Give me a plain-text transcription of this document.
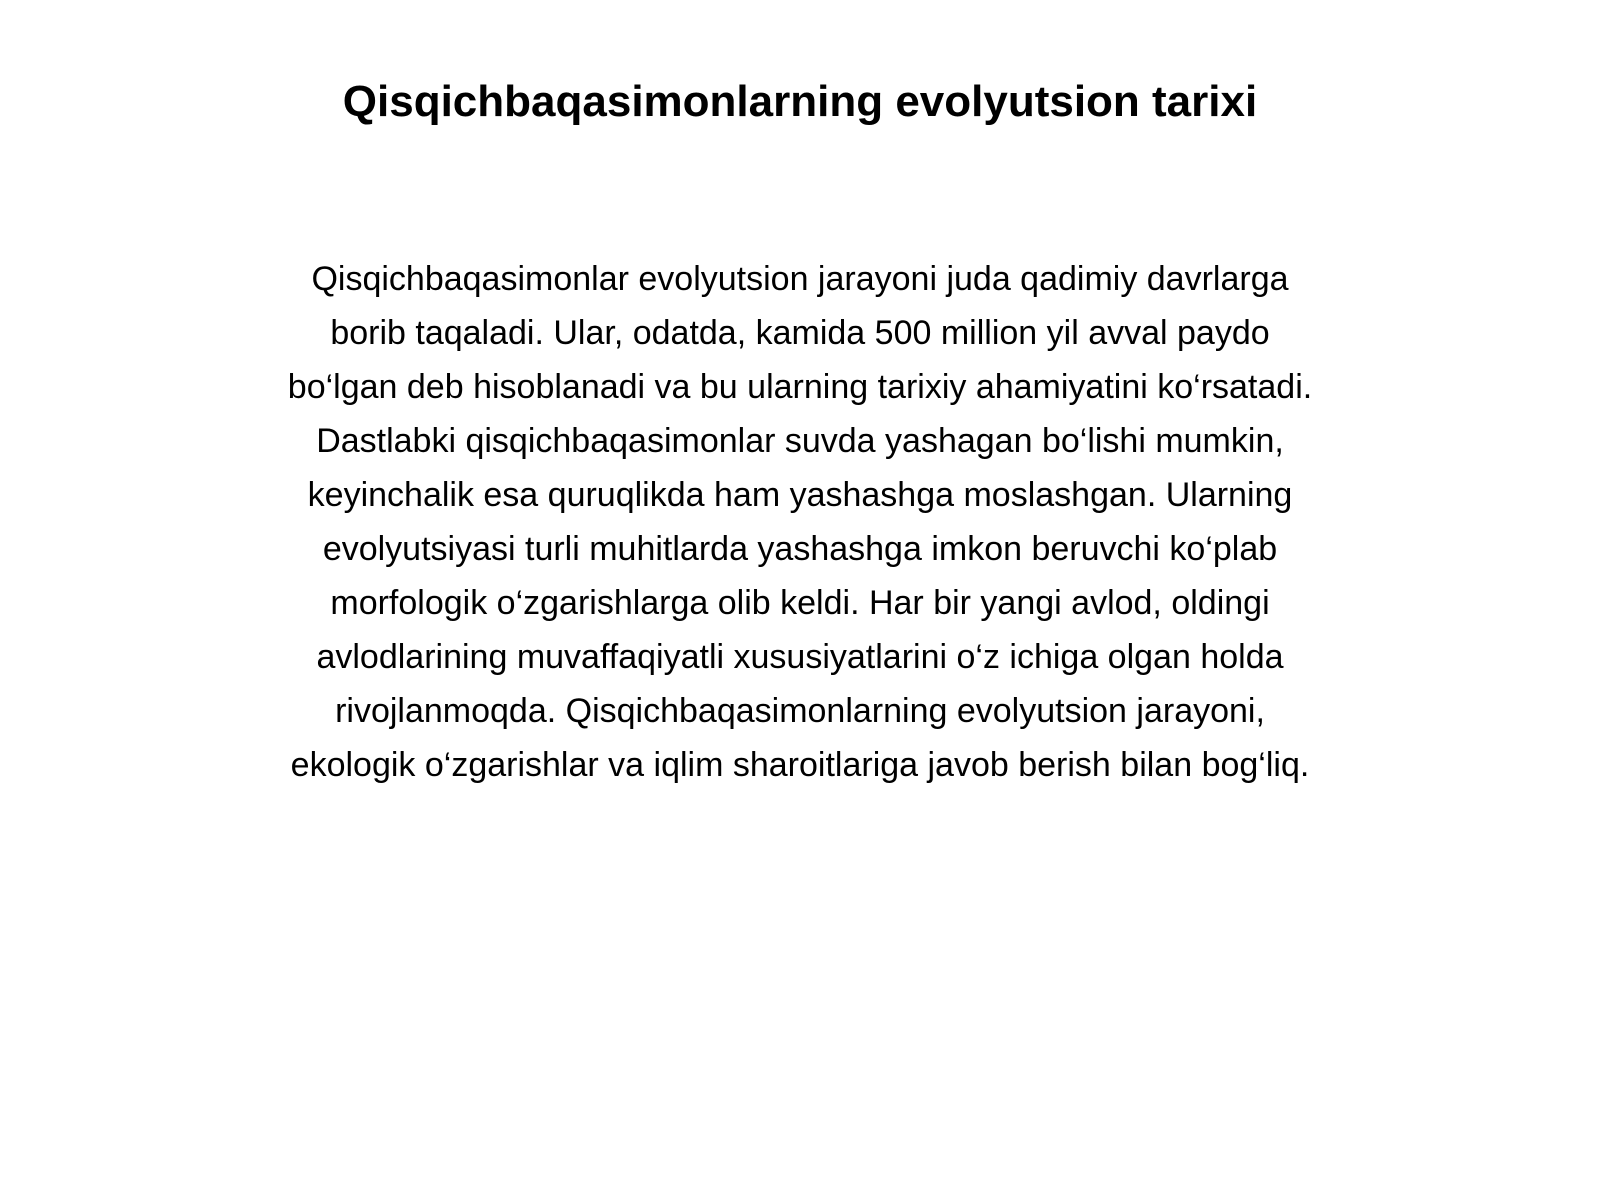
Qisqichbaqasimonlarning evolyutsion tarixi
Qisqichbaqasimonlar evolyutsion jarayoni juda qadimiy davrlarga
borib taqaladi. Ular, odatda, kamida 500 million yil avval paydo
bo‘lgan deb hisoblanadi va bu ularning tarixiy ahamiyatini ko‘rsatadi.
Dastlabki qisqichbaqasimonlar suvda yashagan bo‘lishi mumkin,
keyinchalik esa quruqlikda ham yashashga moslashgan. Ularning
evolyutsiyasi turli muhitlarda yashashga imkon beruvchi ko‘plab
morfologik o‘zgarishlarga olib keldi. Har bir yangi avlod, oldingi
avlodlarining muvaffaqiyatli xususiyatlarini o‘z ichiga olgan holda
rivojlanmoqda. Qisqichbaqasimonlarning evolyutsion jarayoni,
ekologik o‘zgarishlar va iqlim sharoitlariga javob berish bilan bog‘liq.
